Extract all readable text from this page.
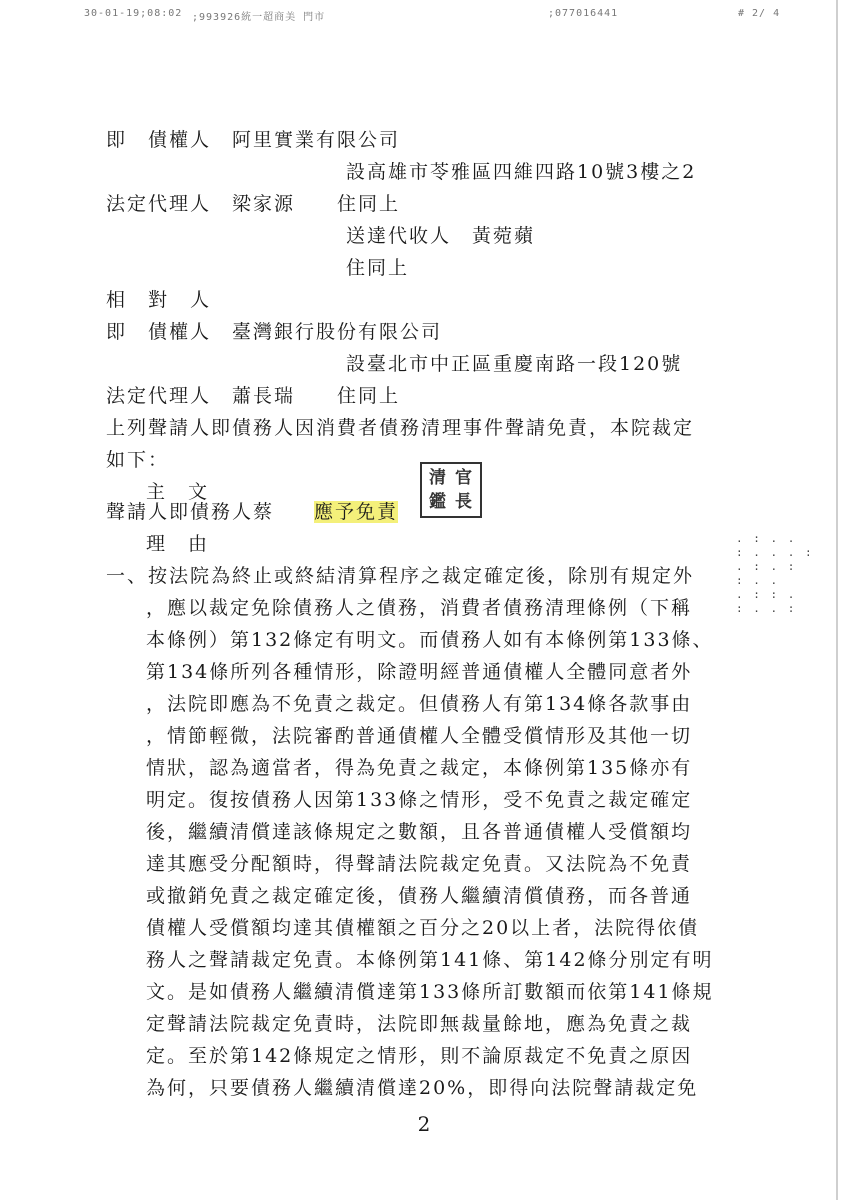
30-01-19;08:02 ;993926統一超商美 門市	;077016441	# 2/ 4
即　債權人　阿里實業有限公司
設高雄市苓雅區四維四路10號3樓之2
法定代理人　梁家源　　住同上
送達代收人　黃菀蘋
住同上
相　對　人
即　債權人　臺灣銀行股份有限公司
設臺北市中正區重慶南路一段120號
法定代理人　蕭長瑞　　住同上
上列聲請人即債務人因消費者債務清理事件聲請免責，本院裁定
如下：
主　文
聲請人即債務人蔡 應予免責
理　由
一、按法院為終止或終結清算程序之裁定確定後，除別有規定外
，應以裁定免除債務人之債務，消費者債務清理條例（下稱
本條例）第132條定有明文。而債務人如有本條例第133條、
第134條所列各種情形，除證明經普通債權人全體同意者外
，法院即應為不免責之裁定。但債務人有第134條各款事由
，情節輕微，法院審酌普通債權人全體受償情形及其他一切
情狀，認為適當者，得為免責之裁定，本條例第135條亦有
明定。復按債務人因第133條之情形，受不免責之裁定確定
後，繼續清償達該條規定之數額，且各普通債權人受償額均
達其應受分配額時，得聲請法院裁定免責。又法院為不免責
或撤銷免責之裁定確定後，債務人繼續清償債務，而各普通
債權人受償額均達其債權額之百分之20以上者，法院得依債
務人之聲請裁定免責。本條例第141條、第142條分別定有明
文。是如債務人繼續清償達第133條所訂數額而依第141條規
定聲請法院裁定免責時，法院即無裁量餘地，應為免責之裁
定。至於第142條規定之情形，則不論原裁定不免責之原因
清 官
鑑 長
. : . .
: . . . :
. : . :
: . .
. : : .
: . . :
2
為何，只要債務人繼續清償達20%，即得向法院聲請裁定免
